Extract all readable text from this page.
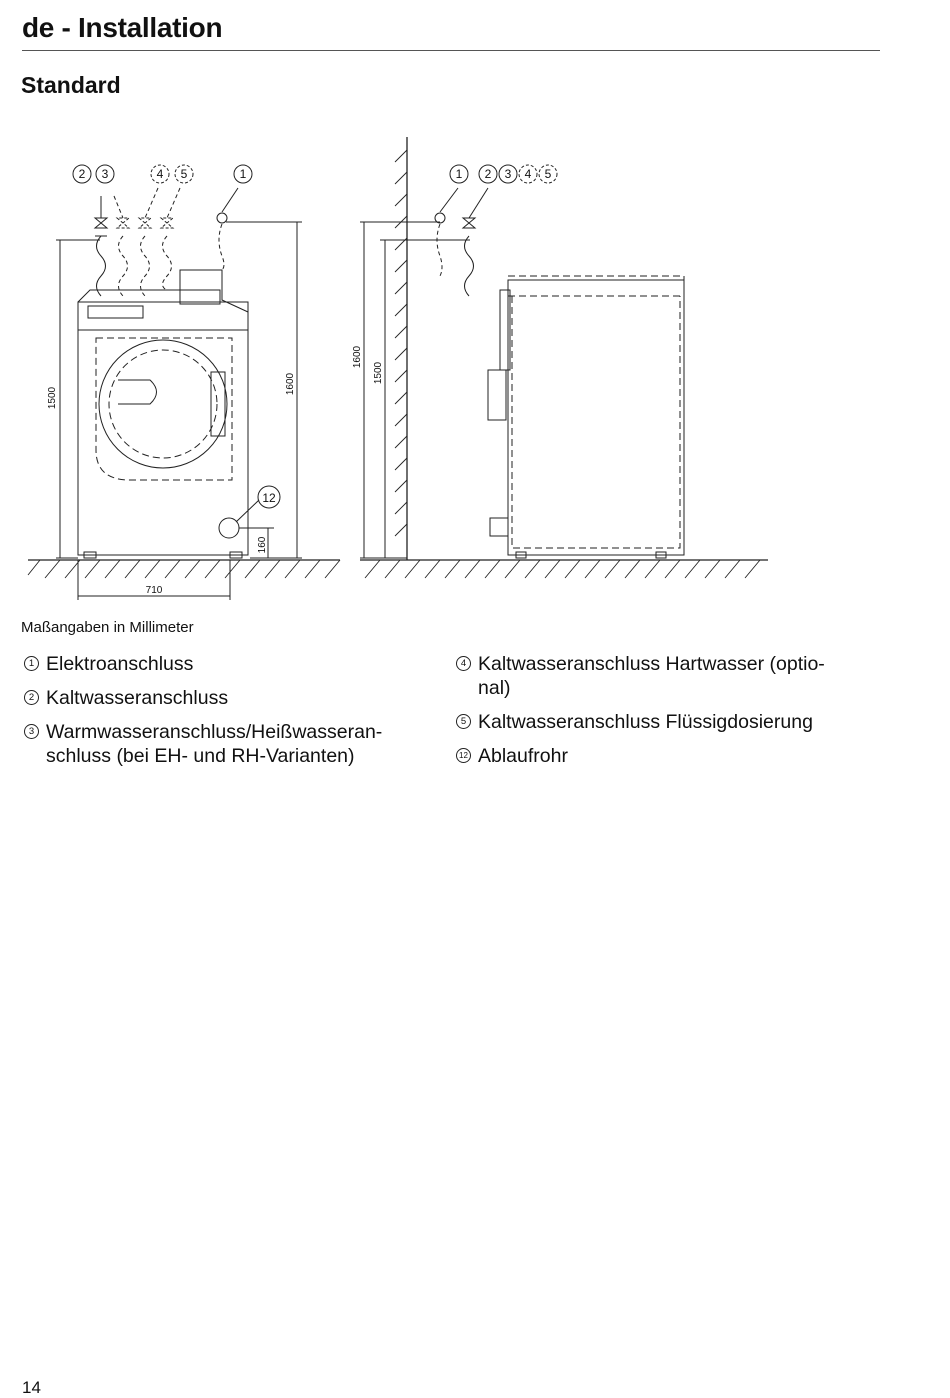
de - Installation
Standard
2 3	4 5	1
12
1 2 3 4 5
1500
1600
160
710
1600
1500
Maßangaben in Millimeter
1 Elektroanschluss
2 Kaltwasseranschluss
3 Warmwasseranschluss/Heißwasseran-
schluss (bei EH- und RH-Varianten)
4 Kaltwasseranschluss Hartwasser (optio-
nal)
5 Kaltwasseranschluss Flüssigdosierung
12 Ablaufrohr
14
